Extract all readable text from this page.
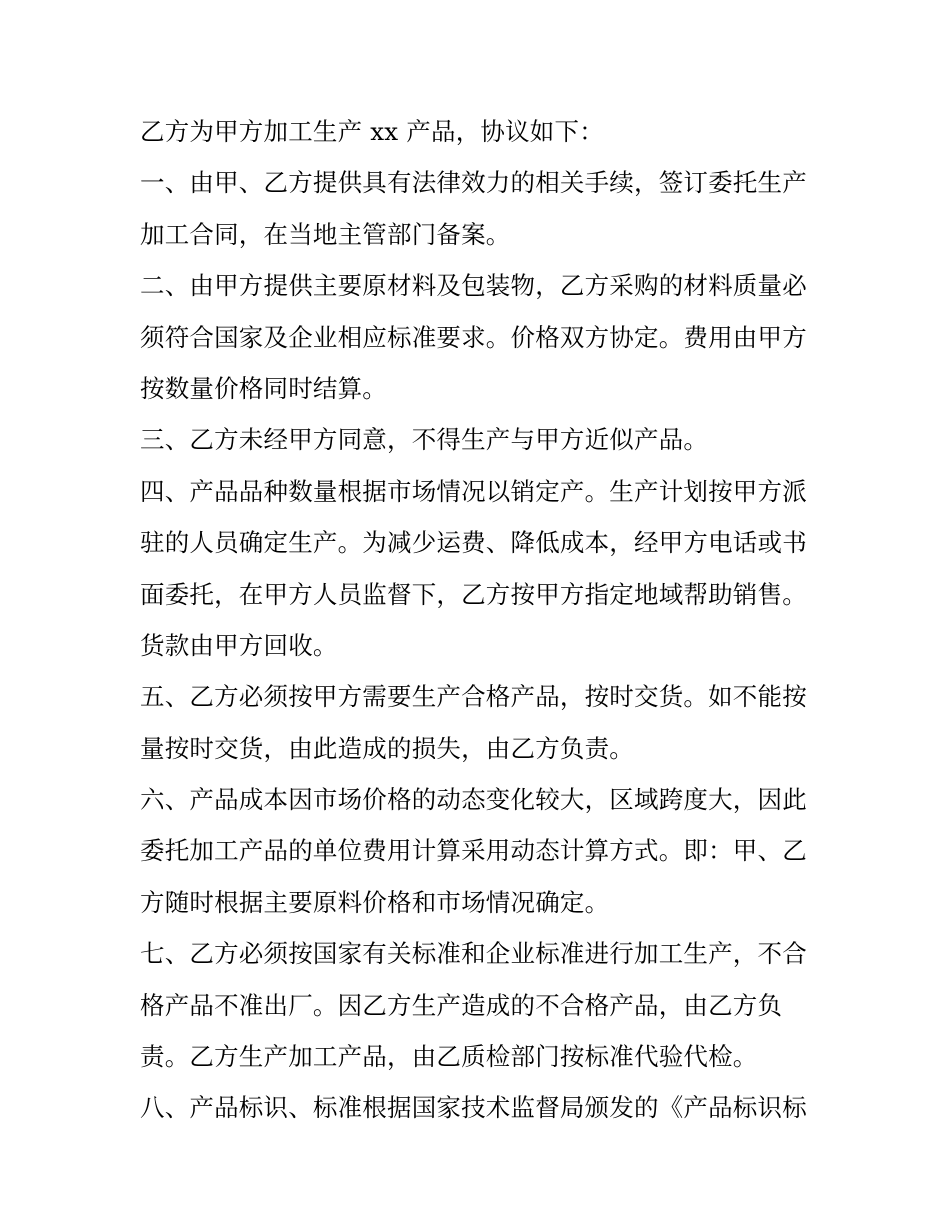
乙方为甲方加工生产 xx 产品，协议如下：
一、由甲、乙方提供具有法律效力的相关手续，签订委托生产
加工合同，在当地主管部门备案。
二、由甲方提供主要原材料及包装物，乙方采购的材料质量必
须符合国家及企业相应标准要求。价格双方协定。费用由甲方
按数量价格同时结算。
三、乙方未经甲方同意，不得生产与甲方近似产品。
四、产品品种数量根据市场情况以销定产。生产计划按甲方派
驻的人员确定生产。为减少运费、降低成本，经甲方电话或书
面委托，在甲方人员监督下，乙方按甲方指定地域帮助销售。
货款由甲方回收。
五、乙方必须按甲方需要生产合格产品，按时交货。如不能按
量按时交货，由此造成的损失，由乙方负责。
六、产品成本因市场价格的动态变化较大，区域跨度大，因此
委托加工产品的单位费用计算采用动态计算方式。即：甲、乙
方随时根据主要原料价格和市场情况确定。
七、乙方必须按国家有关标准和企业标准进行加工生产，不合
格产品不准出厂。因乙方生产造成的不合格产品，由乙方负
责。乙方生产加工产品，由乙质检部门按标准代验代检。
八、产品标识、标准根据国家技术监督局颁发的《产品标识标
